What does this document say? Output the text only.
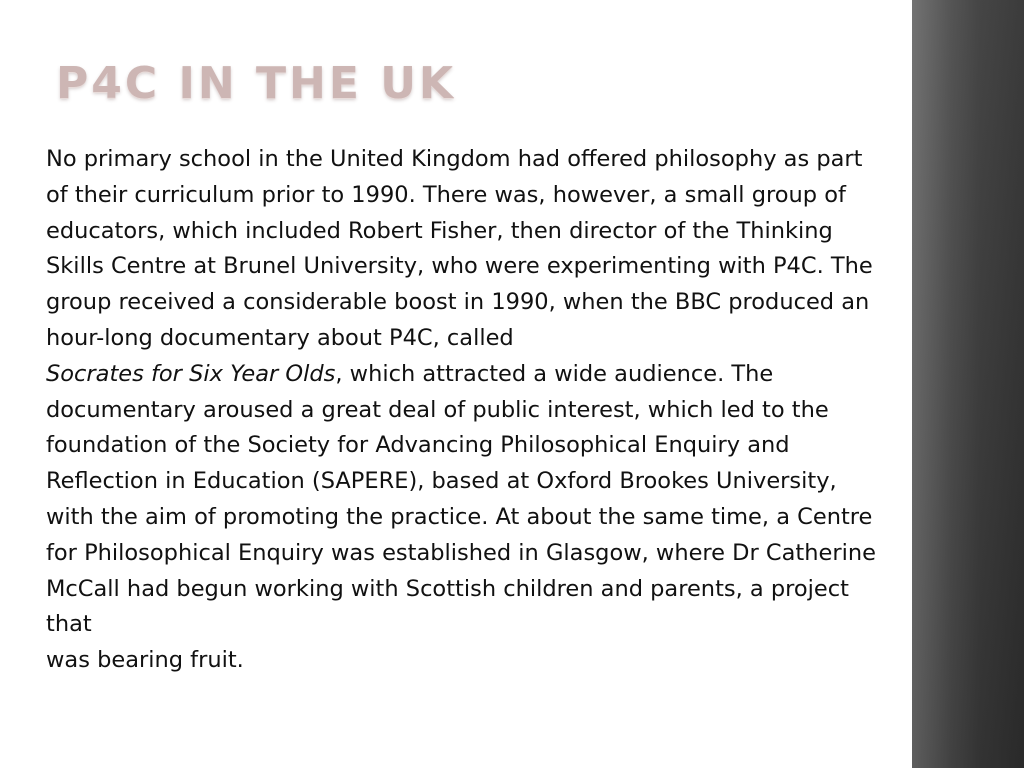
P4C IN THE UK

No primary school in the United Kingdom had offered philosophy as part of their curriculum prior to 1990. There was, however, a small group of educators, which included Robert Fisher, then director of the Thinking Skills Centre at Brunel University, who were experimenting with P4C. The group received a considerable boost in 1990, when the BBC produced an hour-long documentary about P4C, called
Socrates for Six Year Olds, which attracted a wide audience. The documentary aroused a great deal of public interest, which led to the foundation of the Society for Advancing Philosophical Enquiry and Reflection in Education (SAPERE), based at Oxford Brookes University, with the aim of promoting the practice. At about the same time, a Centre for Philosophical Enquiry was established in Glasgow, where Dr Catherine McCall had begun working with Scottish children and parents, a project that
was bearing fruit.
